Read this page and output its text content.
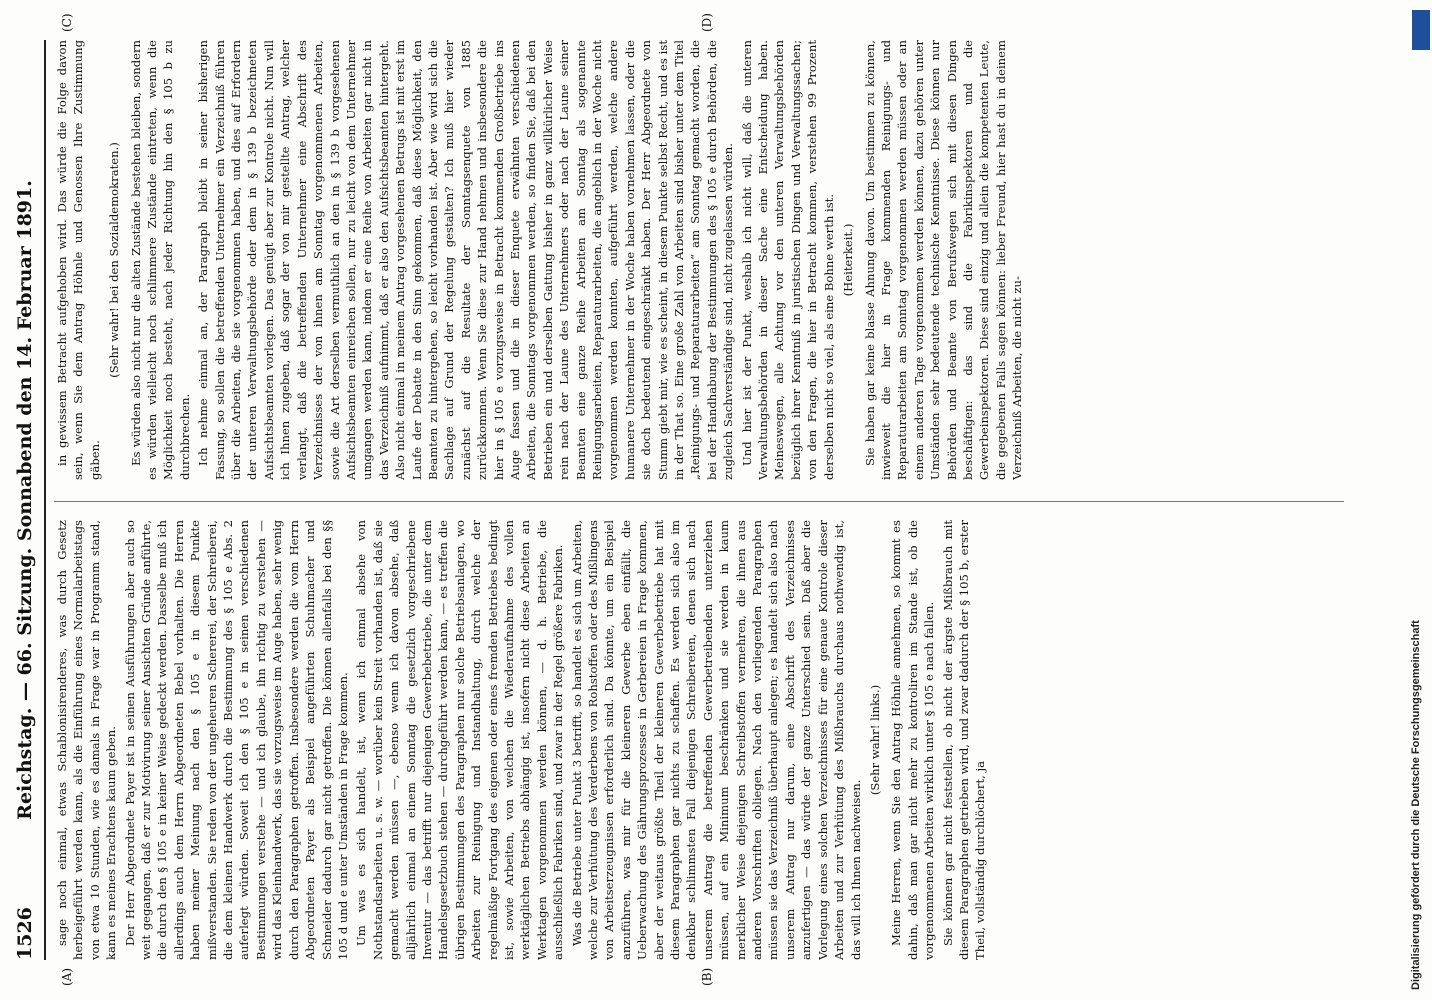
1526
Reichstag. — 66. Sitzung. Sonnabend den 14. Februar 1891.
(A)	(B)
(C)	(D)

sage noch einmal, etwas Schablonisirenderes, was durch Gesetz herbeigeführt werden kann, als die Einführung eines Normalarbeitstags von etwa 10 Stunden, wie es damals in Frage war in Programm stand, kann es meines Erachtens kaum geben. Der Herr Abgeordnete Payer ist in seinen Ausführungen aber auch so weit gegangen, daß er zur Motivirung seiner Ansichten Gründe anführte, die durch den § 105 e in keiner Weise gedeckt werden. Dasselbe muß ich allerdings auch dem Herrn Abgeordneten Bebel vorhalten. Die Herren haben meiner Meinung nach den § 105 e in diesem Punkte mißverstanden. Sie reden von der ungeheuren Schererei, der Schreiberei, die dem kleinen Handwerk durch die Bestimmung des § 105 e Abs. 2 auferlegt würden. Soweit ich den § 105 e in seinen verschiedenen Bestimmungen verstehe — und ich glaube, ihn richtig zu verstehen — wird das Kleinhandwerk, das sie vorzugsweise im Auge haben, sehr wenig durch den Paragraphen getroffen. Insbesondere werden die vom Herrn Abgeordneten Payer als Beispiel angeführten Schuhmacher und Schneider dadurch gar nicht getroffen. Die können allenfalls bei den §§ 105 d und e unter Umständen in Frage kommen. Um was es sich handelt, ist, wenn ich einmal absehe von Nothstandsarbeiten u. s. w. — worüber kein Streit vorhanden ist, daß sie gemacht werden müssen —, ebenso wenn ich davon absehe, daß alljährlich einmal an einem Sonntag die gesetzlich vorgeschriebene Inventur — das betrifft nur diejenigen Gewerbebetriebe, die unter dem Handelsgesetzbuch stehen — durchgeführt werden kann, — es treffen die übrigen Bestimmungen des Paragraphen nur solche Betriebsanlagen, wo Arbeiten zur Reinigung und Instandhaltung, durch welche der regelmäßige Fortgang des eigenen oder eines fremden Betriebes bedingt ist, sowie Arbeiten, von welchen die Wiederaufnahme des vollen werktäglichen Betriebs abhängig ist, insofern nicht diese Arbeiten an Werktagen vorgenommen werden können, — d. h. Betriebe, die ausschließlich Fabriken sind, und zwar in der Regel größere Fabriken. Was die Betriebe unter Punkt 3 betrifft, so handelt es sich um Arbeiten, welche zur Verhütung des Verderbens von Rohstoffen oder des Mißlingens von Arbeitserzeugnissen erforderlich sind. Da könnte, um ein Beispiel anzuführen, was mir für die kleineren Gewerbe eben einfällt, die Ueberwachung des Gährungsprozesses in Gerbereien in Frage kommen, aber der weitaus größte Theil der kleineren Gewerbebetriebe hat mit diesem Paragraphen gar nichts zu schaffen. Es werden sich also im denkbar schlimmsten Fall diejenigen Schreibereien, denen sich nach unserem Antrag die betreffenden Gewerbetreibenden unterziehen müssen, auf ein Minimum beschränken und sie werden in kaum merklicher Weise diejenigen Schreibstoffen vermehren, die ihnen aus anderen Vorschriften obliegen. Nach den vorliegenden Paragraphen müssen sie das Verzeichniß überhaupt anlegen; es handelt sich also nach unserem Antrag nur darum, eine Abschrift des Verzeichnisses anzufertigen — das würde der ganze Unterschied sein. Daß aber die Vorlegung eines solchen Verzeichnisses für eine genaue Kontrole dieser Arbeiten und zur Verhütung des Mißbrauchs durchaus nothwendig ist, das will ich Ihnen nachweisen.

(Sehr wahr! links.) Meine Herren, wenn Sie den Antrag Höhnle annehmen, so kommt es dahin, daß man gar nicht mehr zu kontroliren im Stande ist, ob die vorgenommenen Arbeiten wirklich unter § 105 e nach fallen. Sie können gar nicht feststellen, ob nicht der ärgste Mißbrauch mit diesem Paragraphen getrieben wird, und zwar dadurch der § 105 b, erster Theil, vollständig durchlöchert, ja

in gewissem Betracht aufgehoben wird. Das würde die Folge davon sein, wenn Sie dem Antrag Höhnle und Genossen Ihre Zustimmung gäben.

(Sehr wahr! bei den Sozialdemokraten.) Es würden also nicht nur die alten Zustände bestehen bleiben, sondern es würden vielleicht noch schlimmere Zustände eintreten, wenn die Möglichkeit noch besteht, nach jeder Richtung hin den § 105 b zu durchbrechen. Ich nehme einmal an, der Paragraph bleibt in seiner bisherigen Fassung, so sollen die betreffenden Unternehmer ein Verzeichniß führen über die Arbeiten, die sie vorgenommen haben, und dies auf Erfordern der unteren Verwaltungsbehörde oder dem in § 139 b bezeichneten Aufsichtsbeamten vorlegen. Das genügt aber zur Kontrole nicht. Nun will ich Ihnen zugeben, daß sogar der von mir gestellte Antrag, welcher verlangt, daß die betreffenden Unternehmer eine Abschrift des Verzeichnisses der von ihnen am Sonntag vorgenommenen Arbeiten, sowie die Art derselben vermuthlich an den in § 139 b vorgesehenen Aufsichtsbeamten einreichen sollen, nur zu leicht von dem Unternehmer umgangen werden kann, indem er eine Reihe von Arbeiten gar nicht in das Verzeichniß aufnimmt, daß er also den Aufsichtsbeamten hintergeht. Also nicht einmal in meinem Antrag vorgesehenen Betrugs ist mit erst im Laufe der Debatte in den Sinn gekommen, daß diese Möglichkeit, den Beamten zu hintergehen, so leicht vorhanden ist. Aber wie wird sich die Sachlage auf Grund der Regelung gestalten? Ich muß hier wieder zunächst auf die Resultate der Sonntagsenquete von 1885 zurückkommen. Wenn Sie diese zur Hand nehmen und insbesondere die hier in § 105 e vorzugsweise in Betracht kommenden Großbetriebe ins Auge fassen und die in dieser Enquete erwähnten verschiedenen Arbeiten, die Sonntags vorgenommen werden, so finden Sie, daß bei den Betrieben ein und derselben Gattung bisher in ganz willkürlicher Weise rein nach der Laune des Unternehmers oder nach der Laune seiner Beamten eine ganze Reihe Arbeiten am Sonntag als sogenannte Reinigungsarbeiten, Reparaturarbeiten, die angeblich in der Woche nicht vorgenommen werden konnten, aufgeführt werden, welche andere humanere Unternehmer in der Woche haben vornehmen lassen, oder die sie doch bedeutend eingeschränkt haben. Der Herr Abgeordnete von Stumm giebt mir, wie es scheint, in diesem Punkte selbst Recht, und es ist in der That so. Eine große Zahl von Arbeiten sind bisher unter dem Titel „Reinigungs- und Reparaturarbeiten“ am Sonntag gemacht worden, die bei der Handhabung der Bestimmungen des § 105 e durch Behörden, die zugleich Sachverständige sind, nicht zugelassen würden. Und hier ist der Punkt, weshalb ich nicht will, daß die unteren Verwaltungsbehörden in dieser Sache eine Entscheidung haben. Meineswegen, alle Achtung vor den unteren Verwaltungsbehörden bezüglich ihrer Kenntniß in juristischen Dingen und Verwaltungssachen; von den Fragen, die hier in Betracht kommen, verstehen 99 Prozent derselben nicht so viel, als eine Bohne werth ist. (Heiterkeit.) Sie haben gar keine blasse Ahnung davon. Um bestimmen zu können, inwieweit die hier in Frage kommenden Reinigungs- und Reparaturarbeiten am Sonntag vorgenommen werden müssen oder an einem anderen Tage vorgenommen werden können, dazu gehören unter Umständen sehr bedeutende technische Kenntnisse. Diese können nur Behörden und Beamte von Berufswegen sich mit diesen Dingen beschäftigen: das sind die Fabrikinspektoren und die Gewerbeinspektoren. Diese sind einzig und allein die kompetenten Leute, die gegebenen Falls sagen können: lieber Freund, hier hast du in deinem Verzeichniß Arbeiten, die nicht zu-

Digitalisierung gefördert durch die Deutsche Forschungsgemeinschaft
